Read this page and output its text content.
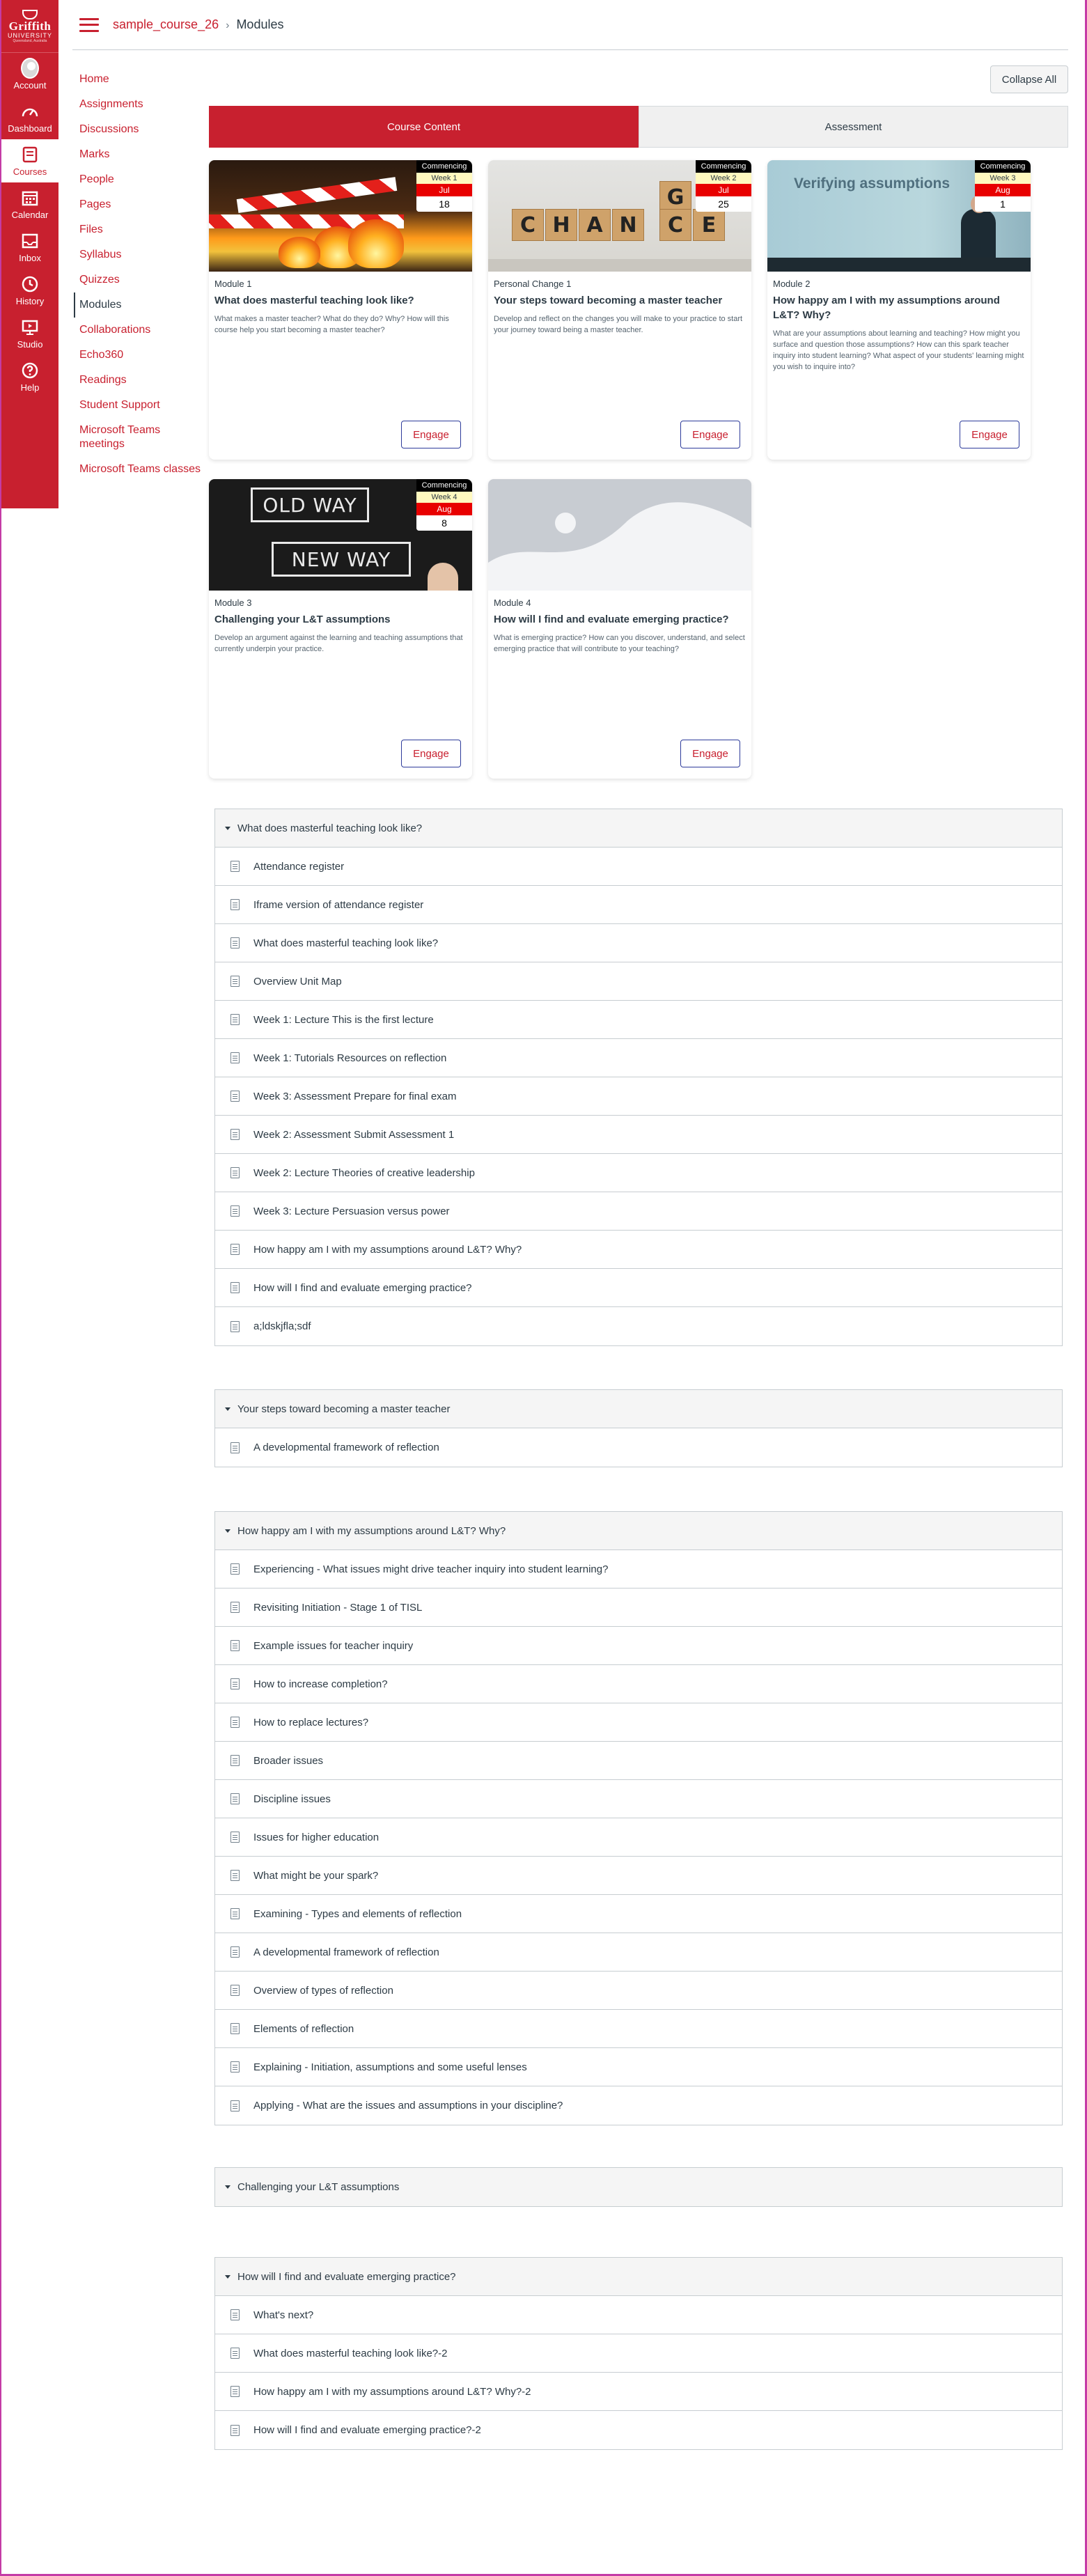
Griffith
UNIVERSITY
Queensland, Australia
Account
Dashboard
Courses
Calendar
Inbox
History
Studio
Help
sample_course_26 › Modules
Home
Assignments
Discussions
Marks
People
Pages
Files
Syllabus
Quizzes
Modules
Collaborations
Echo360
Readings
Student Support
Microsoft Teams meetings
Microsoft Teams classes
Collapse All
Course Content	Assessment
Commencing
Week 1
Jul
18
Module 1
What does masterful teaching look like?
What makes a master teacher? What do they do? Why? How will this course help you start becoming a master teacher?
Engage
C H A N
G
C E
Commencing
Week 2
Jul
25
Personal Change 1
Your steps toward becoming a master teacher
Develop and reflect on the changes you will make to your practice to start your journey toward being a master teacher.
Engage
Verifying assumptions
Commencing
Week 3
Aug
1
Module 2
How happy am I with my assumptions around L&T? Why?
What are your assumptions about learning and teaching? How might you surface and question those assumptions? How can this spark teacher inquiry into student learning? What aspect of your students' learning might you wish to inquire into?
Engage
OLD WAY
NEW WAY
Commencing
Week 4
Aug
8
Module 3
Challenging your L&T assumptions
Develop an argument against the learning and teaching assumptions that currently underpin your practice.
Engage
Module 4
How will I find and evaluate emerging practice?
What is emerging practice? How can you discover, understand, and select emerging practice that will contribute to your teaching?
Engage
What does masterful teaching look like?
Attendance register
Iframe version of attendance register
What does masterful teaching look like?
Overview Unit Map
Week 1: Lecture This is the first lecture
Week 1: Tutorials Resources on reflection
Week 3: Assessment Prepare for final exam
Week 2: Assessment Submit Assessment 1
Week 2: Lecture Theories of creative leadership
Week 3: Lecture Persuasion versus power
How happy am I with my assumptions around L&T? Why?
How will I find and evaluate emerging practice?
a;ldskjfla;sdf
Your steps toward becoming a master teacher
A developmental framework of reflection
How happy am I with my assumptions around L&T? Why?
Experiencing - What issues might drive teacher inquiry into student learning?
Revisiting Initiation - Stage 1 of TISL
Example issues for teacher inquiry
How to increase completion?
How to replace lectures?
Broader issues
Discipline issues
Issues for higher education
What might be your spark?
Examining - Types and elements of reflection
A developmental framework of reflection
Overview of types of reflection
Elements of reflection
Explaining - Initiation, assumptions and some useful lenses
Applying - What are the issues and assumptions in your discipline?
Challenging your L&T assumptions
How will I find and evaluate emerging practice?
What's next?
What does masterful teaching look like?-2
How happy am I with my assumptions around L&T? Why?-2
How will I find and evaluate emerging practice?-2
